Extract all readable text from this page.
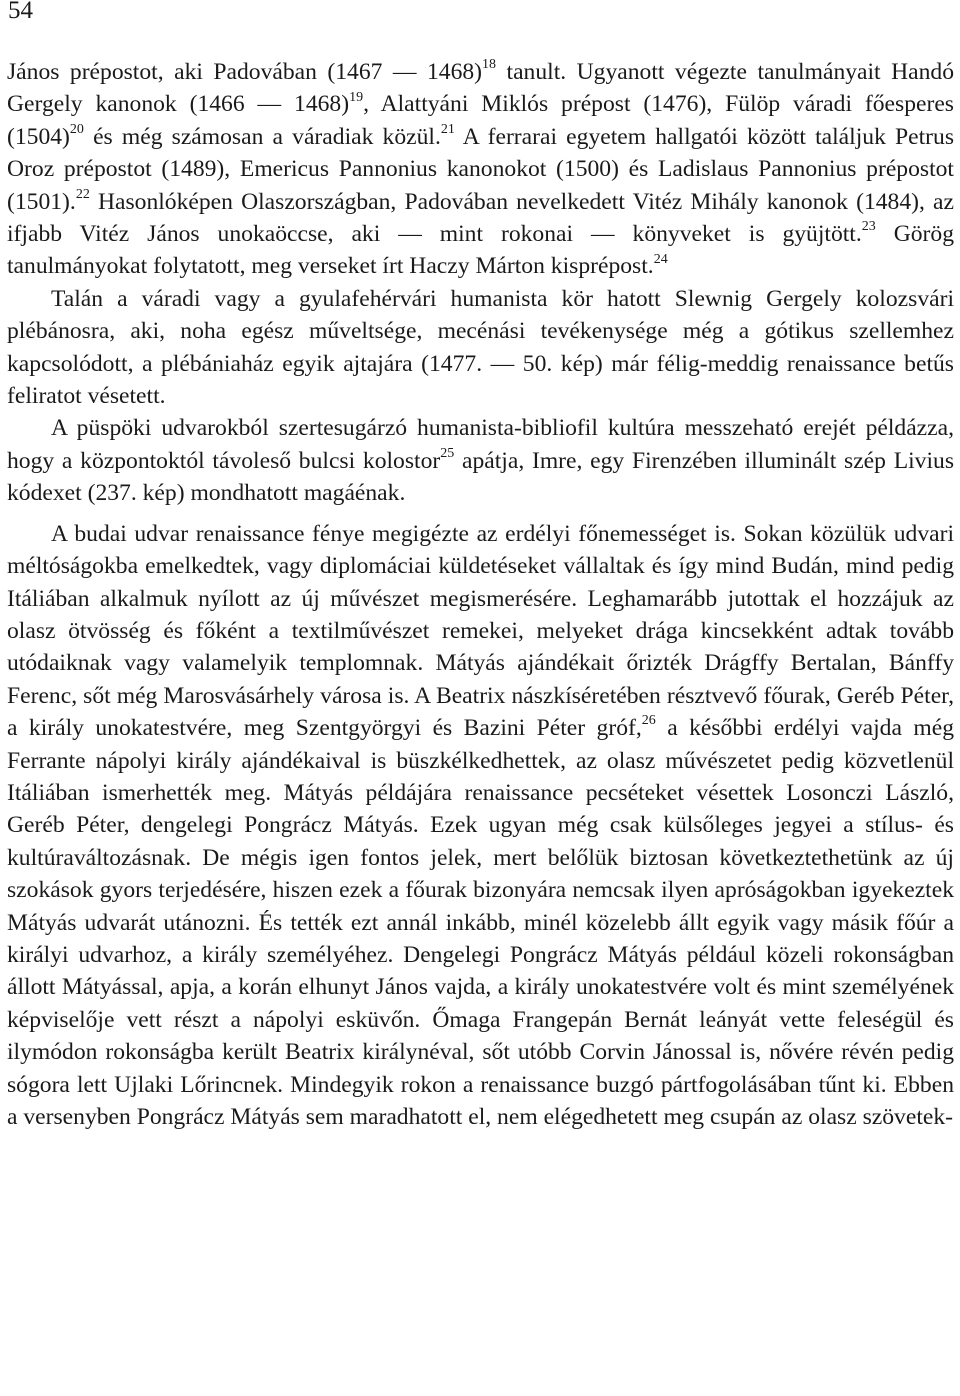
54

János prépostot, aki Padovában (1467 — 1468)$^{18}$ tanult. Ugyanott végezte tanulmányait Handó Gergely kanonok (1466 — 1468)$^{19}$, Alattyáni Miklós prépost (1476), Fülöp váradi főesperes $(1504)^{20}$ és még számosan a váradiak közül.$^{21}$ A ferrarai egyetem hallgatói között találjuk Petrus Oroz prépostot (1489), Emericus Pannonius kanonokot (1500) és Ladislaus Pannonius prépostot (1501).$^{22}$ Hasonlóképen Olaszországban, Padovában nevelkedett Vitéz Mihály kanonok (1484), az ifjabb Vitéz János unokaöccse, aki — mint rokonai — könyveket is gyüjtött.$^{23}$ Görög tanulmányokat folytatott, meg verseket írt Haczy Márton kisprépost.$^{24}$

Talán a váradi vagy a gyulafehérvári humanista kör hatott Slewnig Gergely kolozsvári plébánosra, aki, noha egész műveltsége, mecénási tevékenysége még a gótikus szellemhez kapcsolódott, a plébániaház egyik ajtajára (1477. — 50. kép) már félig-meddig renaissance betűs feliratot vésetett.

A püspöki udvarokból szertesugárzó humanista-bibliofil kultúra messzeható erejét példázza, hogy a központoktól távoleső bulcsi kolostor$^{25}$ apátja, Imre, egy Firenzében illuminált szép Livius kódexet (237. kép) mondhatott magáénak.

A budai udvar renaissance fénye megigézte az erdélyi főnemességet is. Sokan közülük udvari méltóságokba emelkedtek, vagy diplomáciai küldetéseket vállaltak és így mind Budán, mind pedig Itáliában alkalmuk nyílott az új művészet megismerésére. Leghamarább jutottak el hozzájuk az olasz ötvösség és főként a textilművészet remekei, melyeket drága kincsekként adtak tovább utódaiknak vagy valamelyik templomnak. Mátyás ajándékait őrizték Drágffy Bertalan, Bánffy Ferenc, sőt még Marosvásárhely városa is. A Beatrix nászkíséretében résztvevő főurak, Geréb Péter, a király unokatestvére, meg Szentgyörgyi és Bazini Péter gróf,$^{26}$ a későbbi erdélyi vajda még Ferrante nápolyi király ajándékaival is büszkélkedhettek, az olasz művészetet pedig közvetlenül Itáliában ismerhették meg. Mátyás példájára renaissance pecséteket vésettek Losonczi László, Geréb Péter, dengelegi Pongrácz Mátyás. Ezek ugyan még csak külsőleges jegyei a stílus- és kultúraváltozásnak. De mégis igen fontos jelek, mert belőlük biztosan következtethetünk az új szokások gyors terjedésére, hiszen ezek a főurak bizonyára nemcsak ilyen apróságokban igyekeztek Mátyás udvarát utánozni. És tették ezt annál inkább, minél közelebb állt egyik vagy másik főúr a királyi udvarhoz, a király személyéhez. Dengelegi Pongrácz Mátyás például közeli rokonságban állott Mátyással, apja, a korán elhunyt János vajda, a király unokatestvére volt és mint személyének képviselője vett részt a nápolyi esküvőn. Őmaga Frangepán Bernát leányát vette feleségül és ilymódon rokonságba került Beatrix királynéval, sőt utóbb Corvin Jánossal is, nővére révén pedig sógora lett Ujlaki Lőrincnek. Mindegyik rokon a renaissance buzgó pártfogolásában tűnt ki. Ebben a versenyben Pongrácz Mátyás sem maradhatott el, nem elégedhetett meg csupán az olasz szövetek-
